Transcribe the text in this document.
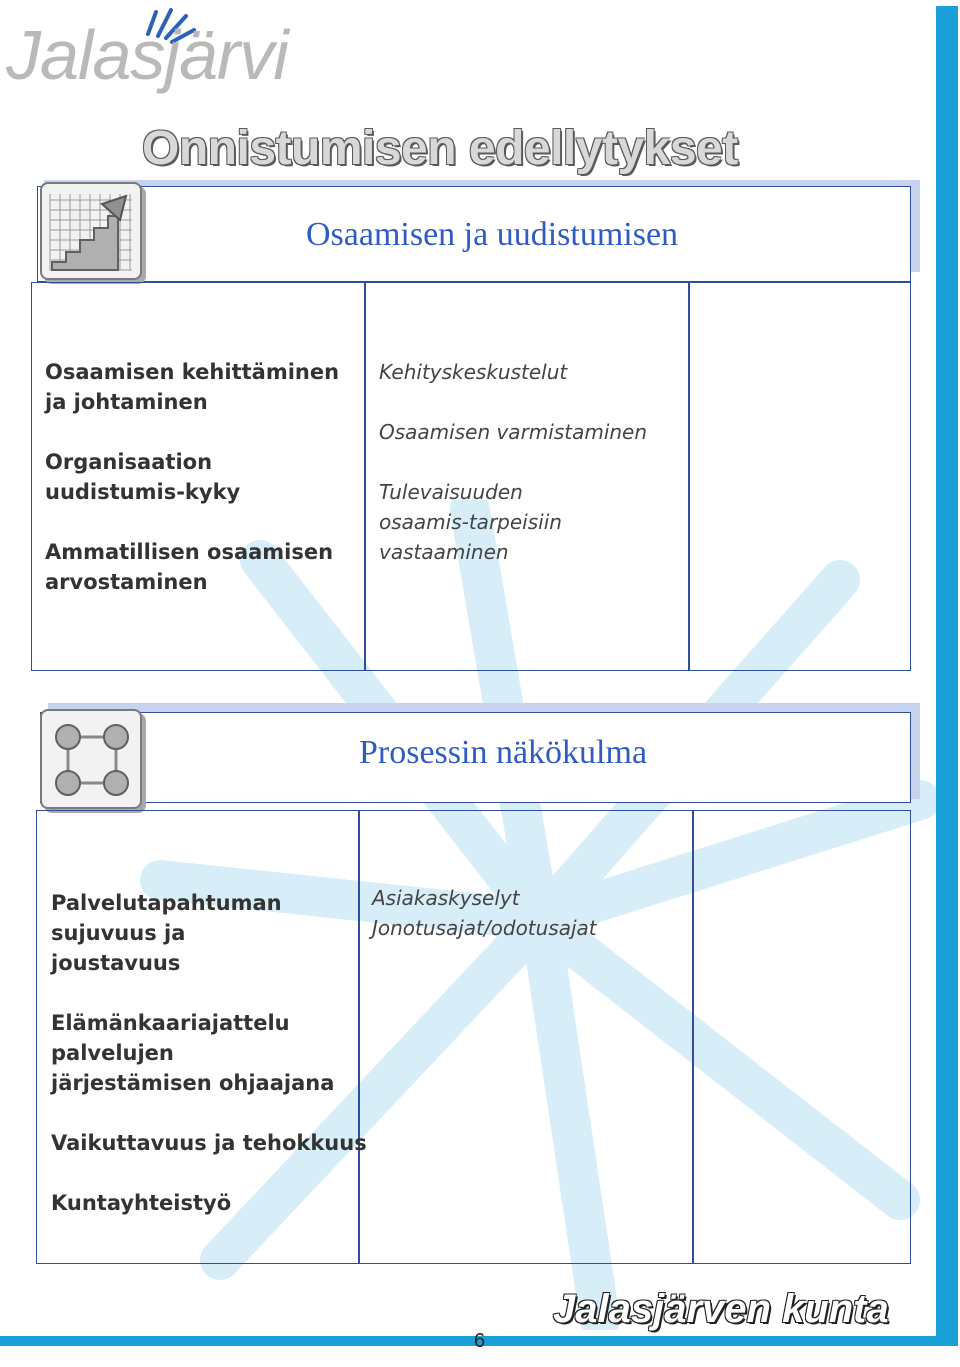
Jalasjärvi
Onnistumisen edellytykset
Osaamisen ja uudistumisen
Osaamisen kehittäminen ja johtaminen
Organisaation uudistumis-kyky
Ammatillisen osaamisen arvostaminen
Kehityskeskustelut
Osaamisen varmistaminen
Tulevaisuuden osaamis-tarpeisiin vastaaminen
Prosessin näkökulma
Palvelutapahtuman sujuvuus ja joustavuus
Elämänkaariajattelu palvelujen järjestämisen ohjaajana
Vaikuttavuus ja tehokkuus
Kuntayhteistyö
Asiakaskyselyt
Jonotusajat/odotusajat
6
Jalasjärven kunta
